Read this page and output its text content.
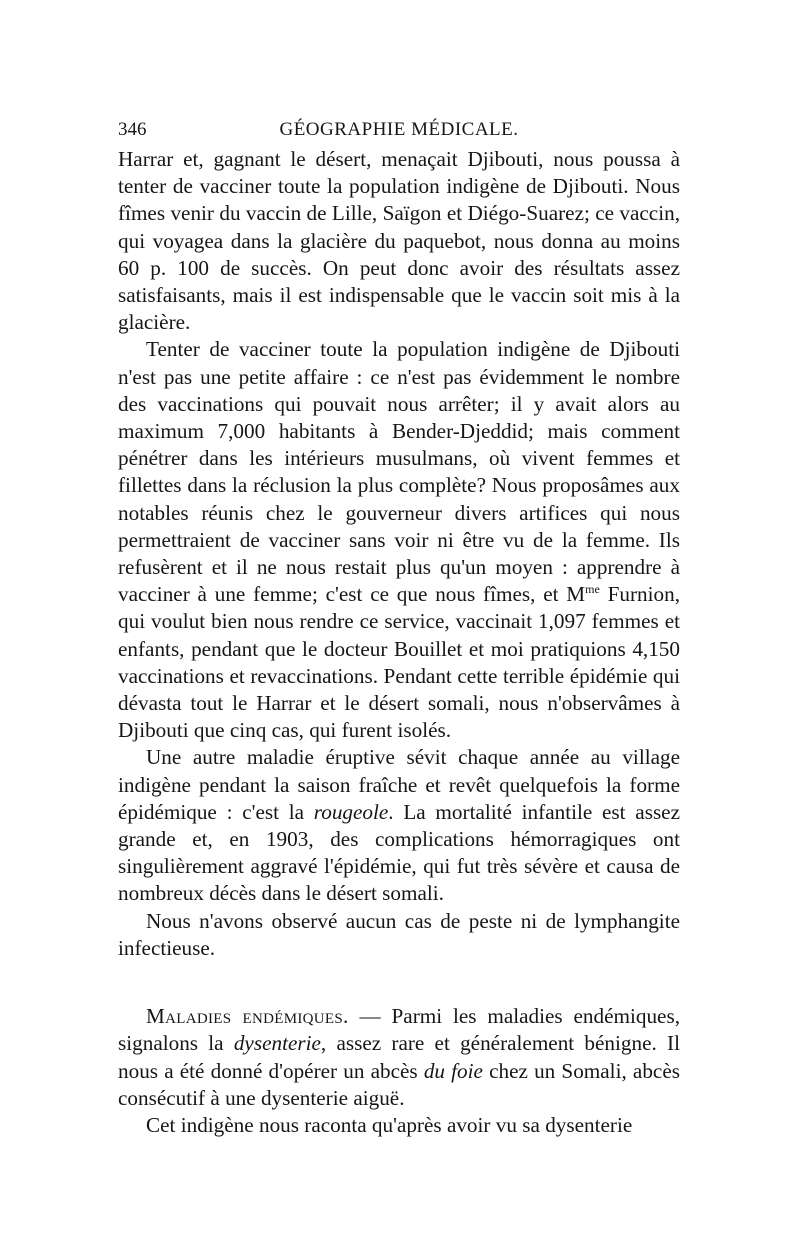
346	GÉOGRAPHIE MÉDICALE.

Harrar et, gagnant le désert, menaçait Djibouti, nous poussa à tenter de vacciner toute la population indigène de Djibouti. Nous fîmes venir du vaccin de Lille, Saïgon et Diégo-Suarez; ce vaccin, qui voyagea dans la glacière du paquebot, nous donna au moins 60 p. 100 de succès. On peut donc avoir des résultats assez satisfaisants, mais il est indispensable que le vaccin soit mis à la glacière.

Tenter de vacciner toute la population indigène de Djibouti n'est pas une petite affaire : ce n'est pas évidemment le nombre des vaccinations qui pouvait nous arrêter; il y avait alors au maximum 7,000 habitants à Bender-Djeddid; mais comment pénétrer dans les intérieurs musulmans, où vivent femmes et fillettes dans la réclusion la plus complète? Nous proposâmes aux notables réunis chez le gouverneur divers artifices qui nous permettraient de vacciner sans voir ni être vu de la femme. Ils refusèrent et il ne nous restait plus qu'un moyen : apprendre à vacciner à une femme; c'est ce que nous fîmes, et $M^{me}$ Furnion, qui voulut bien nous rendre ce service, vaccinait 1,097 femmes et enfants, pendant que le docteur Bouillet et moi pratiquions 4,150 vaccinations et revaccinations. Pendant cette terrible épidémie qui dévasta tout le Harrar et le désert somali, nous n'observâmes à Djibouti que cinq cas, qui furent isolés.

Une autre maladie éruptive sévit chaque année au village indigène pendant la saison fraîche et revêt quelquefois la forme épidémique : c'est la rougeole. La mortalité infantile est assez grande et, en 1903, des complications hémorragiques ont singulièrement aggravé l'épidémie, qui fut très sévère et causa de nombreux décès dans le désert somali.

Nous n'avons observé aucun cas de peste ni de lymphangite infectieuse.

Maladies endémiques. — Parmi les maladies endémiques, signalons la dysenterie, assez rare et généralement bénigne. Il nous a été donné d'opérer un abcès du foie chez un Somali, abcès consécutif à une dysenterie aiguë.

Cet indigène nous raconta qu'après avoir vu sa dysenterie
